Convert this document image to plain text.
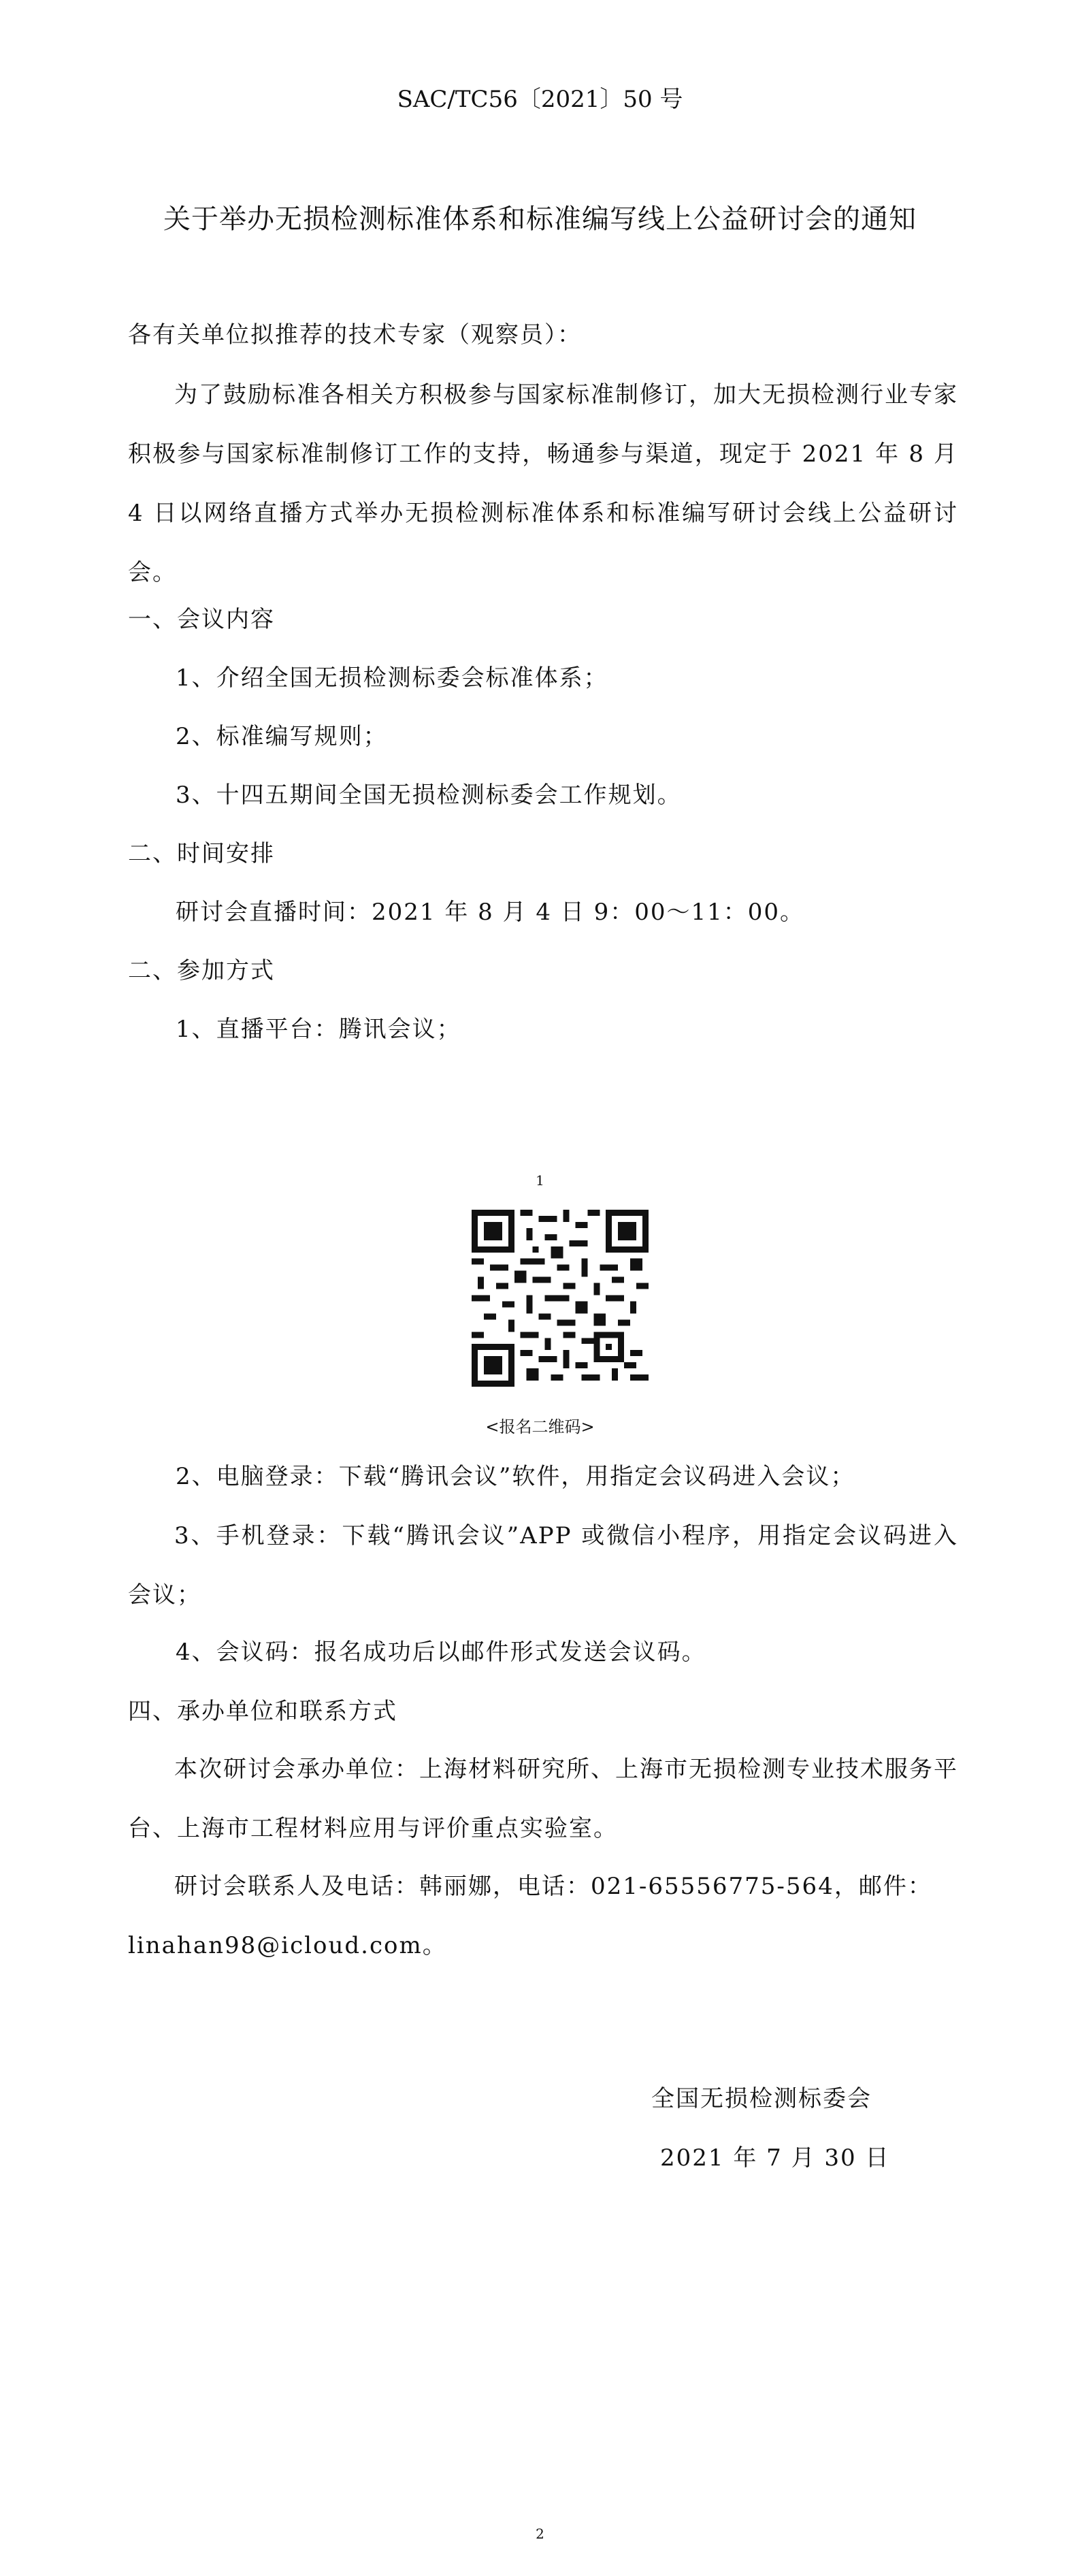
SAC/TC56〔2021〕50 号
关于举办无损检测标准体系和标准编写线上公益研讨会的通知
各有关单位拟推荐的技术专家（观察员）：
为了鼓励标准各相关方积极参与国家标准制修订，加大无损检测行业专家积极参与国家标准制修订工作的支持，畅通参与渠道，现定于 2021 年 8 月 4 日以网络直播方式举办无损检测标准体系和标准编写研讨会线上公益研讨会。
一、会议内容
1、介绍全国无损检测标委会标准体系；
2、标准编写规则；
3、十四五期间全国无损检测标委会工作规划。
二、时间安排
研讨会直播时间：2021 年 8 月 4 日 9：00～11：00。
二、参加方式
1、直播平台：腾讯会议；
1
<报名二维码>
2、电脑登录：下载“腾讯会议”软件，用指定会议码进入会议；
3、手机登录：下载“腾讯会议”APP 或微信小程序，用指定会议码进入会议；
4、会议码：报名成功后以邮件形式发送会议码。
四、承办单位和联系方式
本次研讨会承办单位：上海材料研究所、上海市无损检测专业技术服务平台、上海市工程材料应用与评价重点实验室。
研讨会联系人及电话：韩丽娜，电话：021-65556775-564，邮件：linahan98@icloud.com。
全国无损检测标委会
2021 年 7 月 30 日
2
